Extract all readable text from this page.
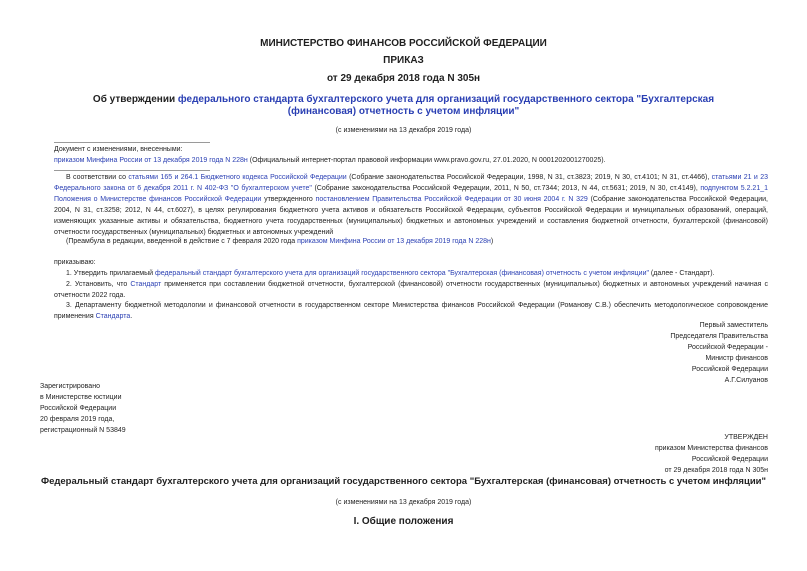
МИНИСТЕРСТВО ФИНАНСОВ РОССИЙСКОЙ ФЕДЕРАЦИИ
ПРИКАЗ
от 29 декабря 2018 года N 305н
Об утверждении федерального стандарта бухгалтерского учета для организаций государственного сектора "Бухгалтерская (финансовая) отчетность с учетом инфляции"
(с изменениями на 13 декабря 2019 года)
Документ с изменениями, внесенными:
приказом Минфина России от 13 декабря 2019 года N 228н (Официальный интернет-портал правовой информации www.pravo.gov.ru, 27.01.2020, N 0001202001270025).
В соответствии со статьями 165 и 264.1 Бюджетного кодекса Российской Федерации (Собрание законодательства Российской Федерации, 1998, N 31, ст.3823; 2019, N 30, ст.4101; N 31, ст.4466), статьями 21 и 23 Федерального закона от 6 декабря 2011 г. N 402-ФЗ "О бухгалтерском учете" (Собрание законодательства Российской Федерации, 2011, N 50, ст.7344; 2013, N 44, ст.5631; 2019, N 30, ст.4149), подпунктом 5.2.21_1 Положения о Министерстве финансов Российской Федерации утвержденного постановлением Правительства Российской Федерации от 30 июня 2004 г. N 329 (Собрание законодательства Российской Федерации, 2004, N 31, ст.3258; 2012, N 44, ст.6027), в целях регулирования бюджетного учета активов и обязательств Российской Федерации, субъектов Российской Федерации и муниципальных образований, операций, изменяющих указанные активы и обязательства, бюджетного учета государственных (муниципальных) бюджетных и автономных учреждений и составления бюджетной отчетности, бухгалтерской (финансовой) отчетности государственных (муниципальных) бюджетных и автономных учреждений
(Преамбула в редакции, введенной в действие с 7 февраля 2020 года приказом Минфина России от 13 декабря 2019 года N 228н)
приказываю:
1. Утвердить прилагаемый федеральный стандарт бухгалтерского учета для организаций государственного сектора "Бухгалтерская (финансовая) отчетность с учетом инфляции" (далее - Стандарт).
2. Установить, что Стандарт применяется при составлении бюджетной отчетности, бухгалтерской (финансовой) отчетности государственных (муниципальных) бюджетных и автономных учреждений начиная с отчетности 2022 года.
3. Департаменту бюджетной методологии и финансовой отчетности в государственном секторе Министерства финансов Российской Федерации (Романову С.В.) обеспечить методологическое сопровождение применения Стандарта.
Первый заместитель
Председателя Правительства
Российской Федерации -
Министр финансов
Российской Федерации
А.Г.Силуанов
Зарегистрировано
в Министерстве юстиции
Российской Федерации
20 февраля 2019 года,
регистрационный N 53849
УТВЕРЖДЕН
приказом Министерства финансов
Российской Федерации
от 29 декабря 2018 года N 305н
Федеральный стандарт бухгалтерского учета для организаций государственного сектора "Бухгалтерская (финансовая) отчетность с учетом инфляции"
(с изменениями на 13 декабря 2019 года)
I. Общие положения
